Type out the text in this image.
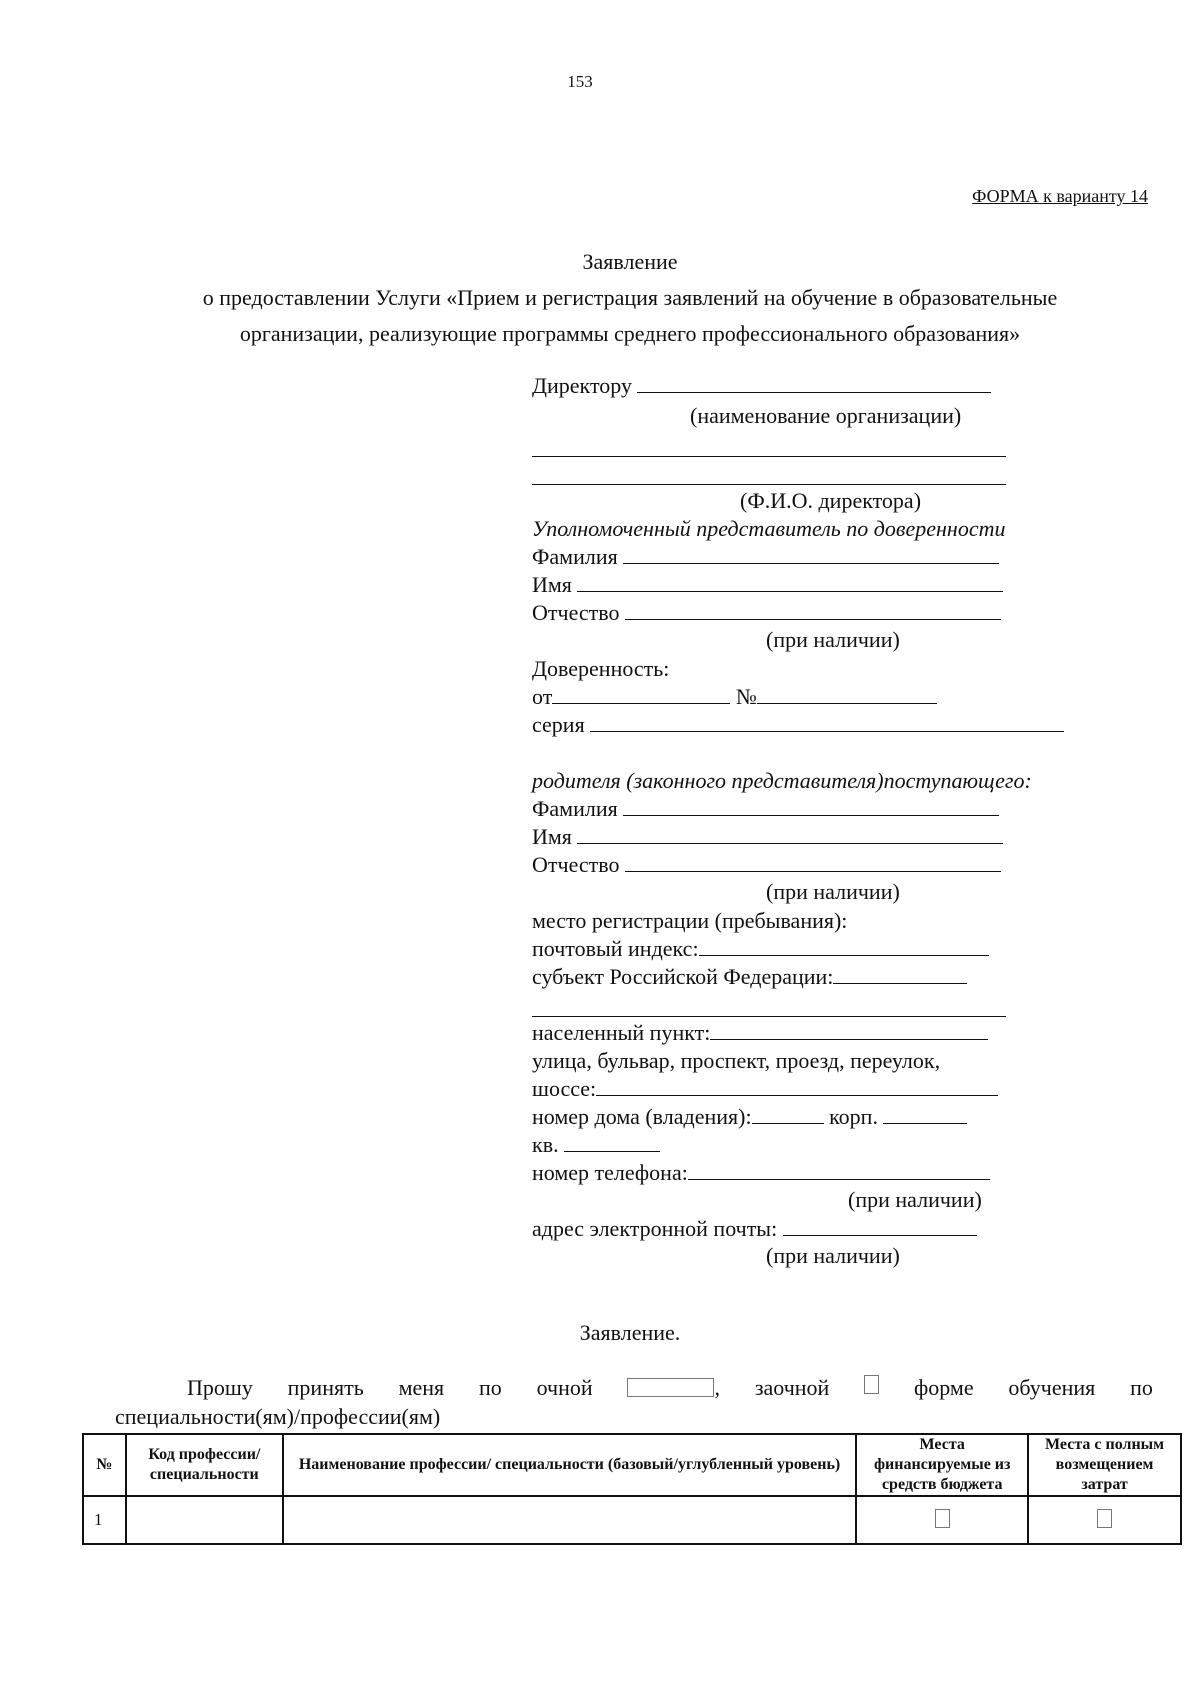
153
ФОРМА к варианту 14
Заявление
о предоставлении Услуги «Прием и регистрация заявлений на обучение в образовательные
организации, реализующие программы среднего профессионального образования»
Директору
(наименование организации)
(Ф.И.О. директора)
Уполномоченный представитель по доверенности
Фамилия
Имя
Отчество
(при наличии)
Доверенность:
от	№
серия
родителя (законного представителя)поступающего:
Фамилия
Имя
Отчество
(при наличии)
место регистрации (пребывания):
почтовый индекс:
субъект Российской Федерации:
населенный пункт:
улица, бульвар, проспект, проезд, переулок,
шоссе:
номер дома (владения):	корп.
кв.
номер телефона:
(при наличии)
адрес электронной почты:
(при наличии)
Заявление.
Прошу принять меня по очной	, заочной	форме обучения по
специальности(ям)/профессии(ям)
№	Код профессии/ специальности	Наименование профессии/ специальности (базовый/углубленный уровень)	Места финансируемые из средств бюджета	Места с полным возмещением затрат
1				
